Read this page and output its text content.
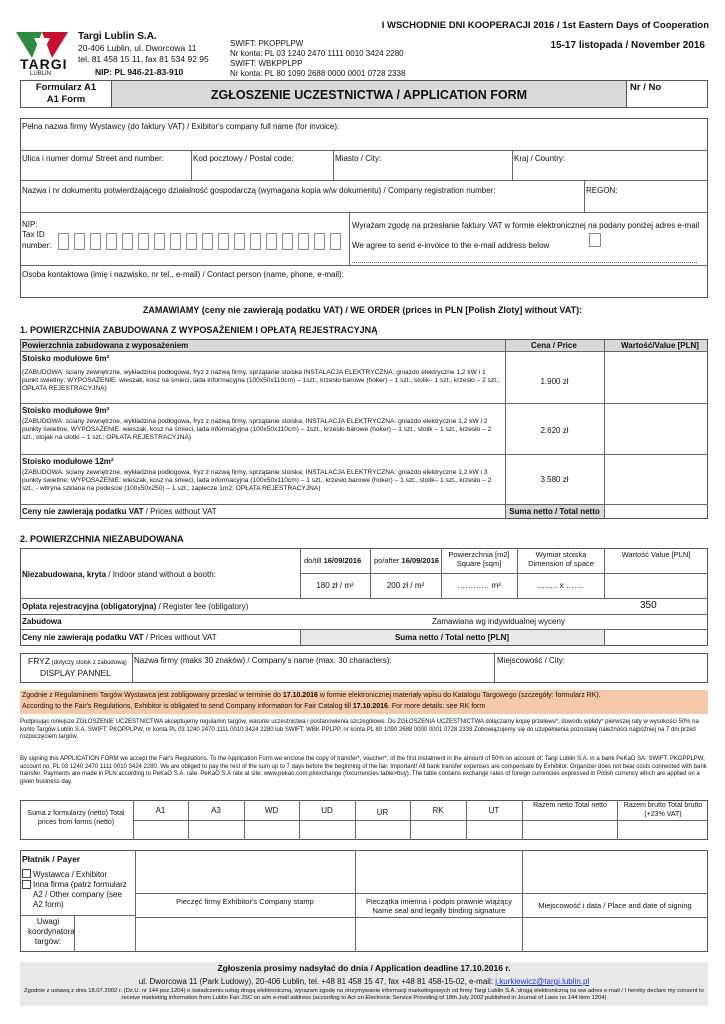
TARGI
LUBLIN
Targi Lublin S.A.
20-406 Lublin, ul. Dworcowa 11
tel. 81 458 15 11, fax 81 534 92 95
NIP: PL 946-21-83-910
SWIFT: PKOPPLPW
Nr konta: PL 03 1240 2470 1111 0010 3424 2280
SWIFT: WBKPPLPP
Nr konta: PL 80 1090 2688 0000 0001 0728 2338
I WSCHODNIE DNI KOOPERACJI 2016 / 1st Eastern Days of Cooperation
15-17 listopada / November 2016
Formularz A1
A1 Form	ZGŁOSZENIE UCZESTNICTWA / APPLICATION FORM
Nr / No
Pełna nazwa firmy Wystawcy (do faktury VAT) / Exibitor's company full name (for invoice):
Ulica i numer domu/ Street and number:	Kod pocztowy / Postal code:	Miasto / City:	Kraj / Country:
Nazwa i nr dokumentu potwierdzającego działalność gospodarczą (wymagana kopia w/w dokumentu) / Company registration number:	REGON:
NIP:
Tax ID
number:
Wyrażam zgodę na przesłanie faktury VAT w formie elektronicznej na podany poniżej adres e-mail
We agree to send e-invoice to the e-mail address below
Osoba kontaktowa (imię i nazwisko, nr tel., e-mail) / Contact person (name, phone, e-mail):
ZAMAWIAMY (ceny nie zawierają podatku VAT) / WE ORDER (prices in PLN [Polish Zloty] without VAT):
1. POWIERZCHNIA ZABUDOWANA Z WYPOSAŻENIEM I OPŁATĄ REJESTRACYJNĄ
Powierzchnia zabudowana z wyposażeniem	Cena / Price	Wartość/Value [PLN]
Stoisko modułowe 6m²
(ZABUDOWA: ściany zewnętrzne, wykładzina podłogowa, fryz z nazwą firmy, sprzątanie stoiska INSTALACJA ELEKTRYCZNA: gniazdo elektryczne 1,2 kW i 1 punkt świetlny; WYPOSAŻENIE: wieszak, kosz na śmieci, lada informacyjna (100x50x110cm) – 1szt., krzesło barowe (hoker) – 1 szt., stolik– 1 szt., krzesło – 2 szt.; OPŁATA REJESTRACYJNA)
1.900 zł
Stoisko modułowe 9m²
(ZABUDOWA: ściany zewnętrzne, wykładzina podłogowa, fryz z nazwą firmy, sprzątanie stoiska; INSTALACJA ELEKTRYCZNA: gniazdo elektryczne 1,2 kW i 2 punkty świetlne; WYPOSAŻENIE: wieszak, kosz na śmieci, lada informacyjna (100x50x110cm) – 1szt., krzesło barowe (hoker) – 1 szt., stolik – 1 szt., krzesło – 2 szt., stojak na ulotki – 1 szt.; OPŁATA REJESTRACYJNA)
2.620 zł
Stoisko modułowe 12m²
(ZABUDOWA: ściany zewnętrzne, wykładzina podłogowa, fryz z nazwą firmy, sprzątanie stoiska; INSTALACJA ELEKTRYCZNA: gniazdo elektryczne 1,2 kW i 3 punkty świetlne; WYPOSAŻENIE: wieszak, kosz na śmieci, lada informacyjna (100x50x110cm) – 1 szt., krzesło barowe (hoker) – 1 szt., stolik– 1 szt., krzesło – 2 szt., - witryna szklana na podeście (100x50x250) – 1 szt., zaplecze 1m2; OPŁATA REJESTRACYJNA)
3.580 zł
Ceny nie zawierają podatku VAT / Prices without VAT	Suma netto / Total netto
2. POWIERZCHNIA NIEZABUDOWANA
do/till 16/09/2016 po/after 16/09/2016
Powierzchnia [m2] Square [sqm]
Wymiar stoiska Dimension of space
Wartość Value [PLN]
Niezabudowana, kryta / Indoor stand without a booth:
180 zł / m²	200 zł / m²	………… m²	…….. x …….
Opłata rejestracyjna (obligatoryjna) / Register fee (obligatory)	350
Zabudowa	Zamawiana wg indywidualnej wyceny
Ceny nie zawierają podatku VAT / Prices without VAT	Suma netto / Total netto [PLN]
FRYZ (dotyczy stoisk z zabudową)
DISPLAY PANNEL
Nazwa firmy (maks 30 znaków) / Company's name (max. 30 characters):	Miejscowość / City:
Zgodnie z Regulaminem Targów Wystawca jest zobligowany przesłać w terminie do 17.10.2016 w formie elektronicznej materiały wpisu do Katalogu Targowego (szczegóły: formularz RK).
According to the Fair's Regulations, Exhibitor is obligated to send Company information for Fair Catalog till 17.10.2016. For more details: see RK form
Podpisując niniejsze ZGŁOSZENIE UCZESTNICTWA akceptujemy regulamin targów, warunki uczestnictwa i postanowienia szczegółowe. Do ZGŁOSZENIA UCZESTNICTWA dołączamy kopię przelewu*, dowodu wpłaty* pierwszej raty w wysokości 50% na konto Targów Lublin S.A. SWIFT: PKOPPLPW, nr konta PL 03 1240 2470 1111 0010 3424 2280 lub SWIFT: WBK PPLPP, nr konta PL 80 1090 2688 0000 0001 0728 2338 Zobowiązujemy się do uzupełnienia pozostałej należności najpóźniej na 7 dni przed rozpoczęciem targów.
By signing this APPLICATION FORM we accept the Fair's Regulations. To the Application Form we enclose the copy of transfer*, voucher*, of the first instalment in the amount of 50% on account of: Targi Lublin S.A. in a bank PeKaO SA: SWIFT: PKOPPLPW, account no. PL 03 1240 2470 1111 0010 3424 2280. We are obliged to pay the rest of the sum up to 7 days before the beginning of the fair. Important! All bank transfer expenses are compensate by Exhibitor. Organizer does not bear costs connected with bank transfer. Payments are made in PLN according to PeKaO S.A. rate. PeKaO S.A rate at site: www.pekao.com.pl/exchange (fixcurrencies table>buy). The table contains exchange rates of foreign currencies expressed in Polish currency which are applied on a given business day.
Suma z formularzy (netto) Total prices from forms (netto)
A1	A3	WD	UD	UR	RK	UT
Razem netto Total netto	Razem brutto Total brutto (+23% VAT)
Płatnik / Payer
Wystawca / Exhibitor
Inna firma (patrz formularz A2 / Other company (see A2 form)
Uwagi koordynatora targów:
Pieczęć firmy Exhibitor's Company stamp	Pieczątka imienna i podpis prawnie wiążący Name seal and legally binding signature
Miejscowość i data / Place and date of signing
Zgłoszenia prosimy nadsyłać do dnia / Application deadline 17.10.2016 r.
ul. Dworcowa 11 (Park Ludowy), 20-406 Lublin, tel. +48 81 458 15 47, fax +48 81 458-15-02, e-mail: j.kurkiewicz@targi.lublin.pl
Zgodnie z ustawą z dnia 18.07.2002 r. (Dz.U. nr 144 poz.1204) o świadczeniu usług drogą elektroniczną, wyrażam zgodę na otrzymywanie informacji marketingowych od firmy Targi Lublin S.A. drogą elektroniczną na ww adres e-mail / I hereby declare my consent to receive marketing information from Lublin Fair JSC on a/m e-mail address (according to Act on Electronic Service Providing of 18th July 2002 published in Journal of Laws no 144 item 1204)
